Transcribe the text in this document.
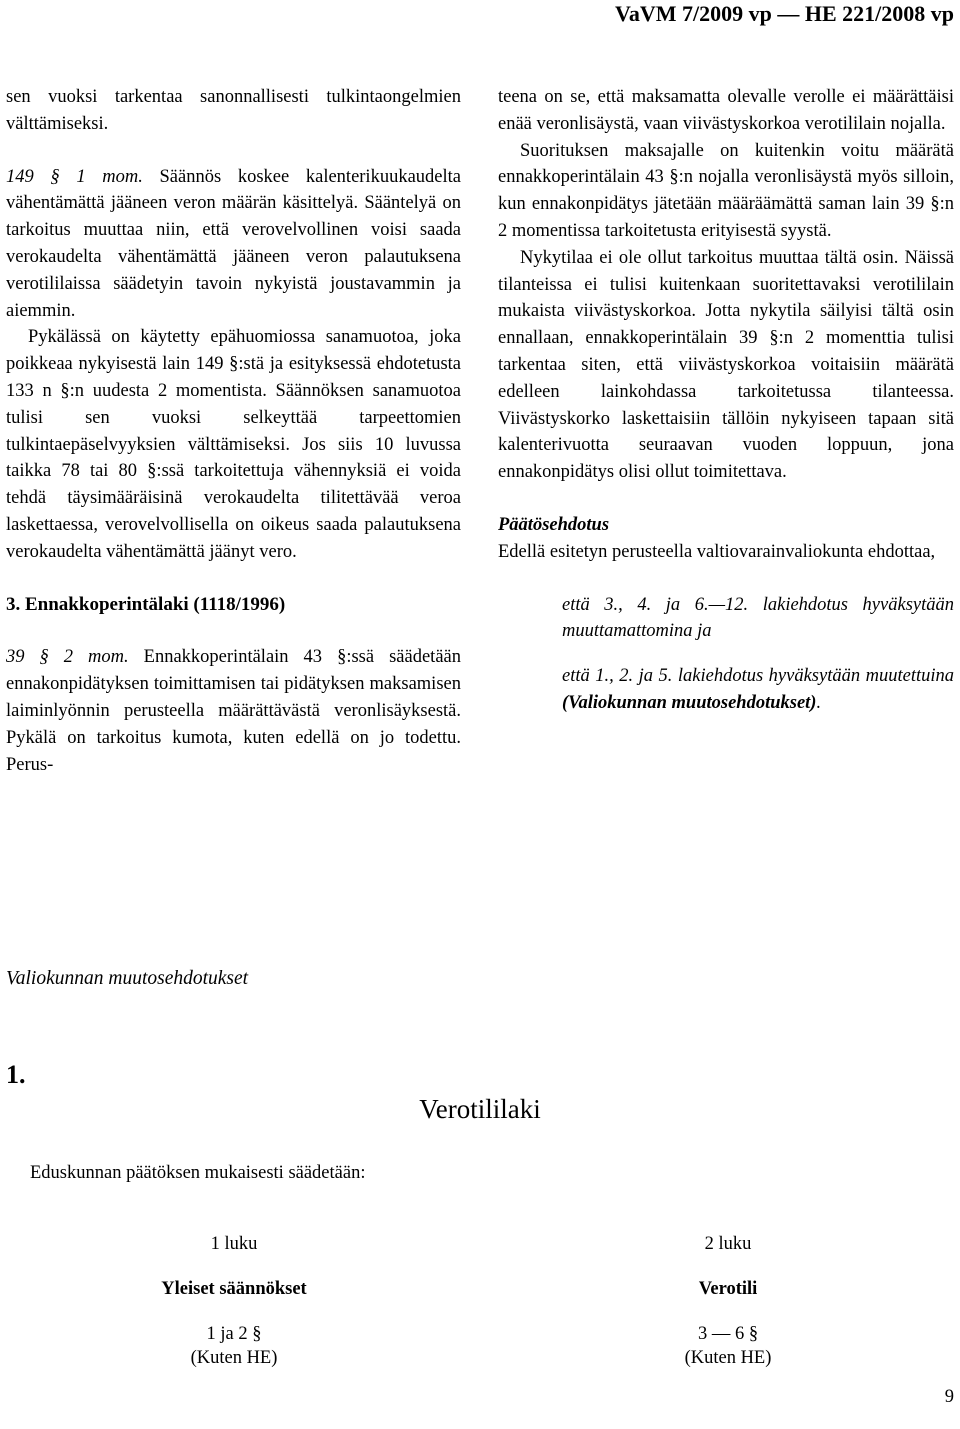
VaVM 7/2009 vp — HE 221/2008 vp

sen vuoksi tarkentaa sanonnallisesti tulkintaongelmien välttämiseksi.

149 § 1 mom. Säännös koskee kalenterikuukaudelta vähentämättä jääneen veron määrän käsittelyä. Sääntelyä on tarkoitus muuttaa niin, että verovelvollinen voisi saada verokaudelta vähentämättä jääneen veron palautuksena verotililaissa säädetyin tavoin nykyistä joustavammin ja aiemmin.

Pykälässä on käytetty epähuomiossa sanamuotoa, joka poikkeaa nykyisestä lain 149 §:stä ja esityksessä ehdotetusta 133 n §:n uudesta 2 momentista. Säännöksen sanamuotoa tulisi sen vuoksi selkeyttää tarpeettomien tulkintaepäselvyyksien välttämiseksi. Jos siis 10 luvussa taikka 78 tai 80 §:ssä tarkoitettuja vähennyksiä ei voida tehdä täysimääräisinä verokaudelta tilitettävää veroa laskettaessa, verovelvollisella on oikeus saada palautuksena verokaudelta vähentämättä jäänyt vero.

3. Ennakkoperintälaki (1118/1996)

39 § 2 mom. Ennakkoperintälain 43 §:ssä säädetään ennakonpidätyksen toimittamisen tai pidätyksen maksamisen laiminlyönnin perusteella määrättävästä veronlisäyksestä. Pykälä on tarkoitus kumota, kuten edellä on jo todettu. Perus-

teena on se, että maksamatta olevalle verolle ei määrättäisi enää veronlisäystä, vaan viivästyskorkoa verotililain nojalla.

Suorituksen maksajalle on kuitenkin voitu määrätä ennakkoperintälain 43 §:n nojalla veronlisäystä myös silloin, kun ennakonpidätys jätetään määräämättä saman lain 39 §:n 2 momentissa tarkoitetusta erityisestä syystä.

Nykytilaa ei ole ollut tarkoitus muuttaa tältä osin. Näissä tilanteissa ei tulisi kuitenkaan suoritettavaksi verotililain mukaista viivästyskorkoa. Jotta nykytila säilyisi tältä osin ennallaan, ennakkoperintälain 39 §:n 2 momenttia tulisi tarkentaa siten, että viivästyskorkoa voitaisiin määrätä edelleen lainkohdassa tarkoitetussa tilanteessa. Viivästyskorko laskettaisiin tällöin nykyiseen tapaan sitä kalenterivuotta seuraavan vuoden loppuun, jona ennakonpidätys olisi ollut toimitettava.

Päätösehdotus

Edellä esitetyn perusteella valtiovarainvaliokunta ehdottaa,

että 3., 4. ja 6.—12. lakiehdotus hyväksytään muuttamattomina ja

että 1., 2. ja 5. lakiehdotus hyväksytään muutettuina (Valiokunnan muutosehdotukset).

Valiokunnan muutosehdotukset
1.
Verotililaki
Eduskunnan päätöksen mukaisesti säädetään:
1 luku
Yleiset säännökset
1 ja 2 §
(Kuten HE)
2 luku
Verotili
3 — 6 §
(Kuten HE)
9
